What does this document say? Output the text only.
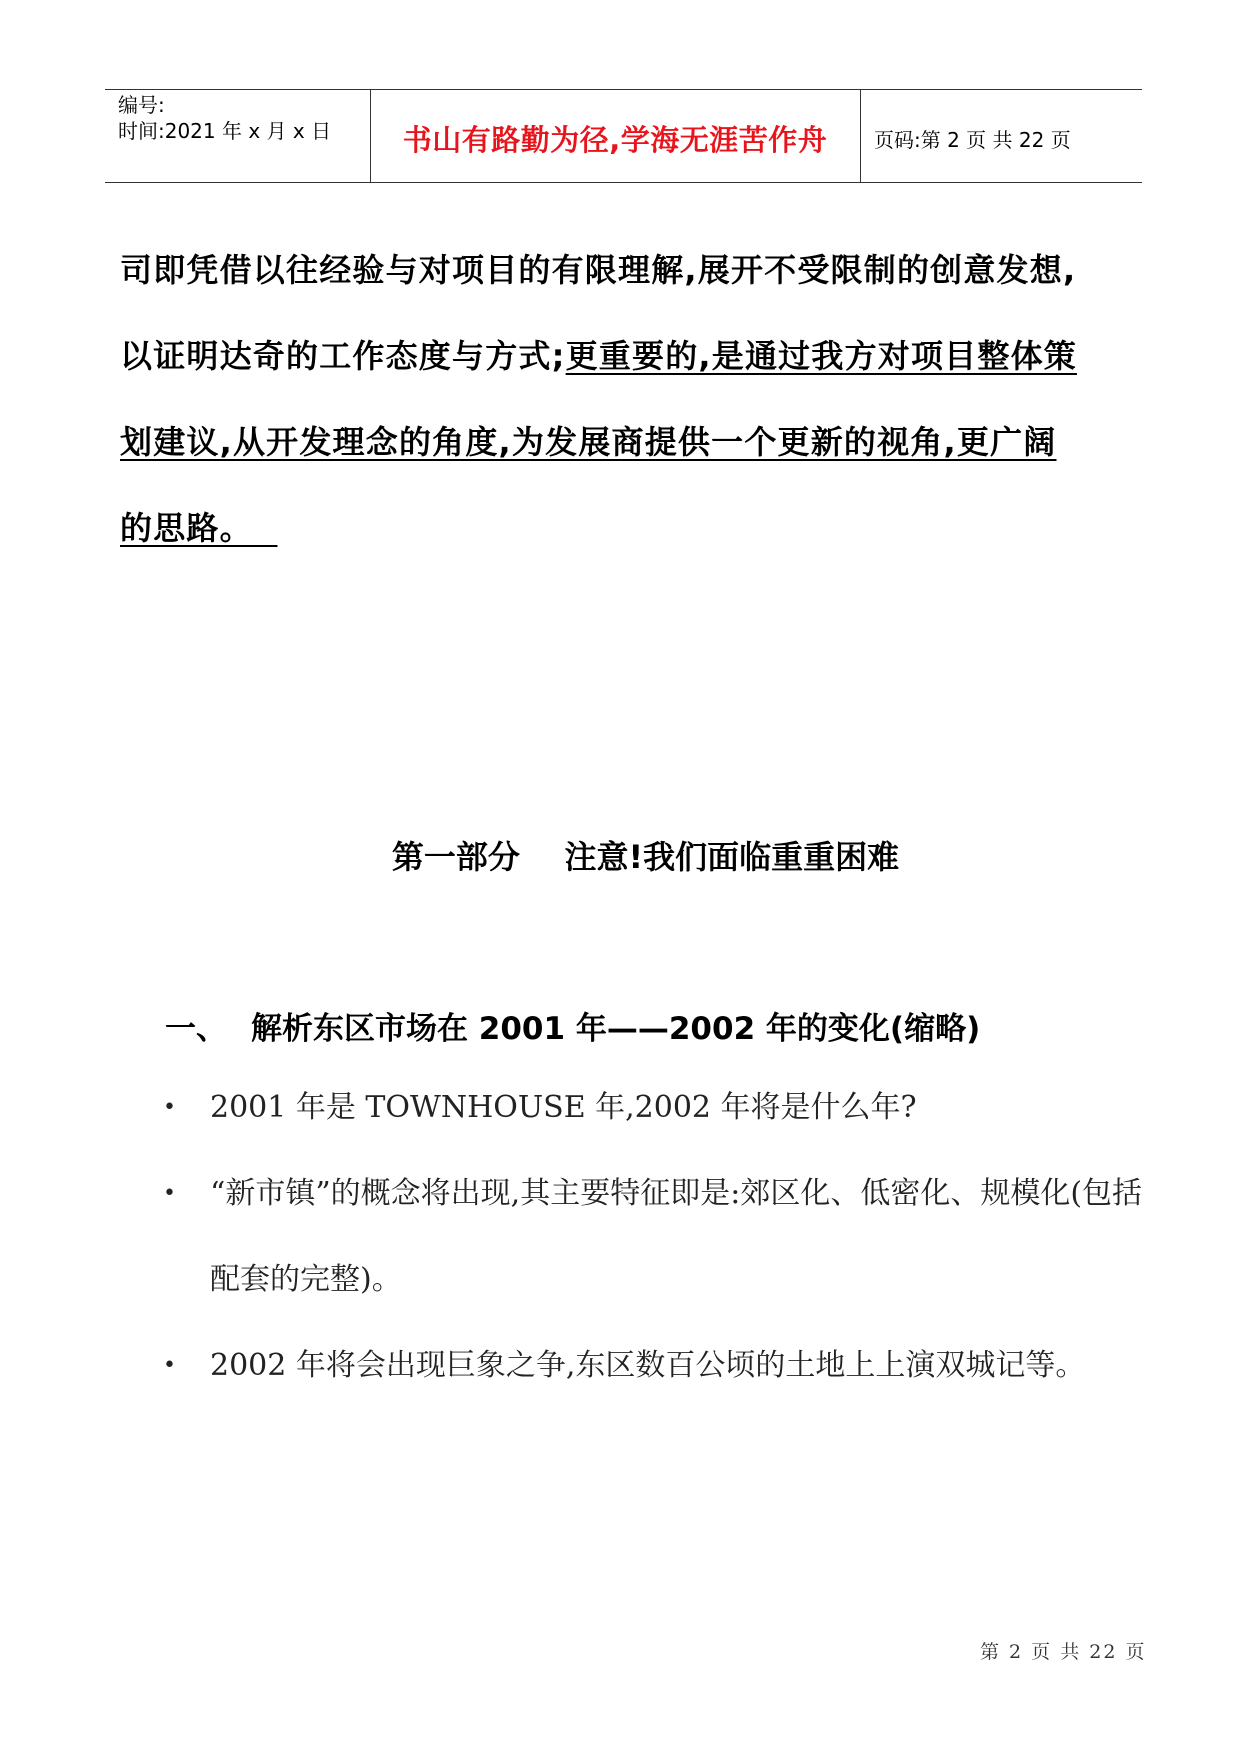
编号:
时间:2021 年 x 月 x 日	书山有路勤为径,学海无涯苦作舟	页码:第 2 页 共 22 页

司即凭借以往经验与对项目的有限理解,展开不受限制的创意发想,

以证明达奇的工作态度与方式;更重要的,是通过我方对项目整体策

划建议,从开发理念的角度,为发展商提供一个更新的视角,更广阔

的思路。

第一部分    注意!我们面临重重困难
一、 解析东区市场在 2001 年——2002 年的变化(缩略)
• 2001 年是 TOWNHOUSE 年,2002 年将是什么年?
• “新市镇”的概念将出现,其主要特征即是:郊区化、低密化、规模化(包括配套的完整)。
• 2002 年将会出现巨象之争,东区数百公顷的土地上上演双城记等。
第 2 页 共 22 页
